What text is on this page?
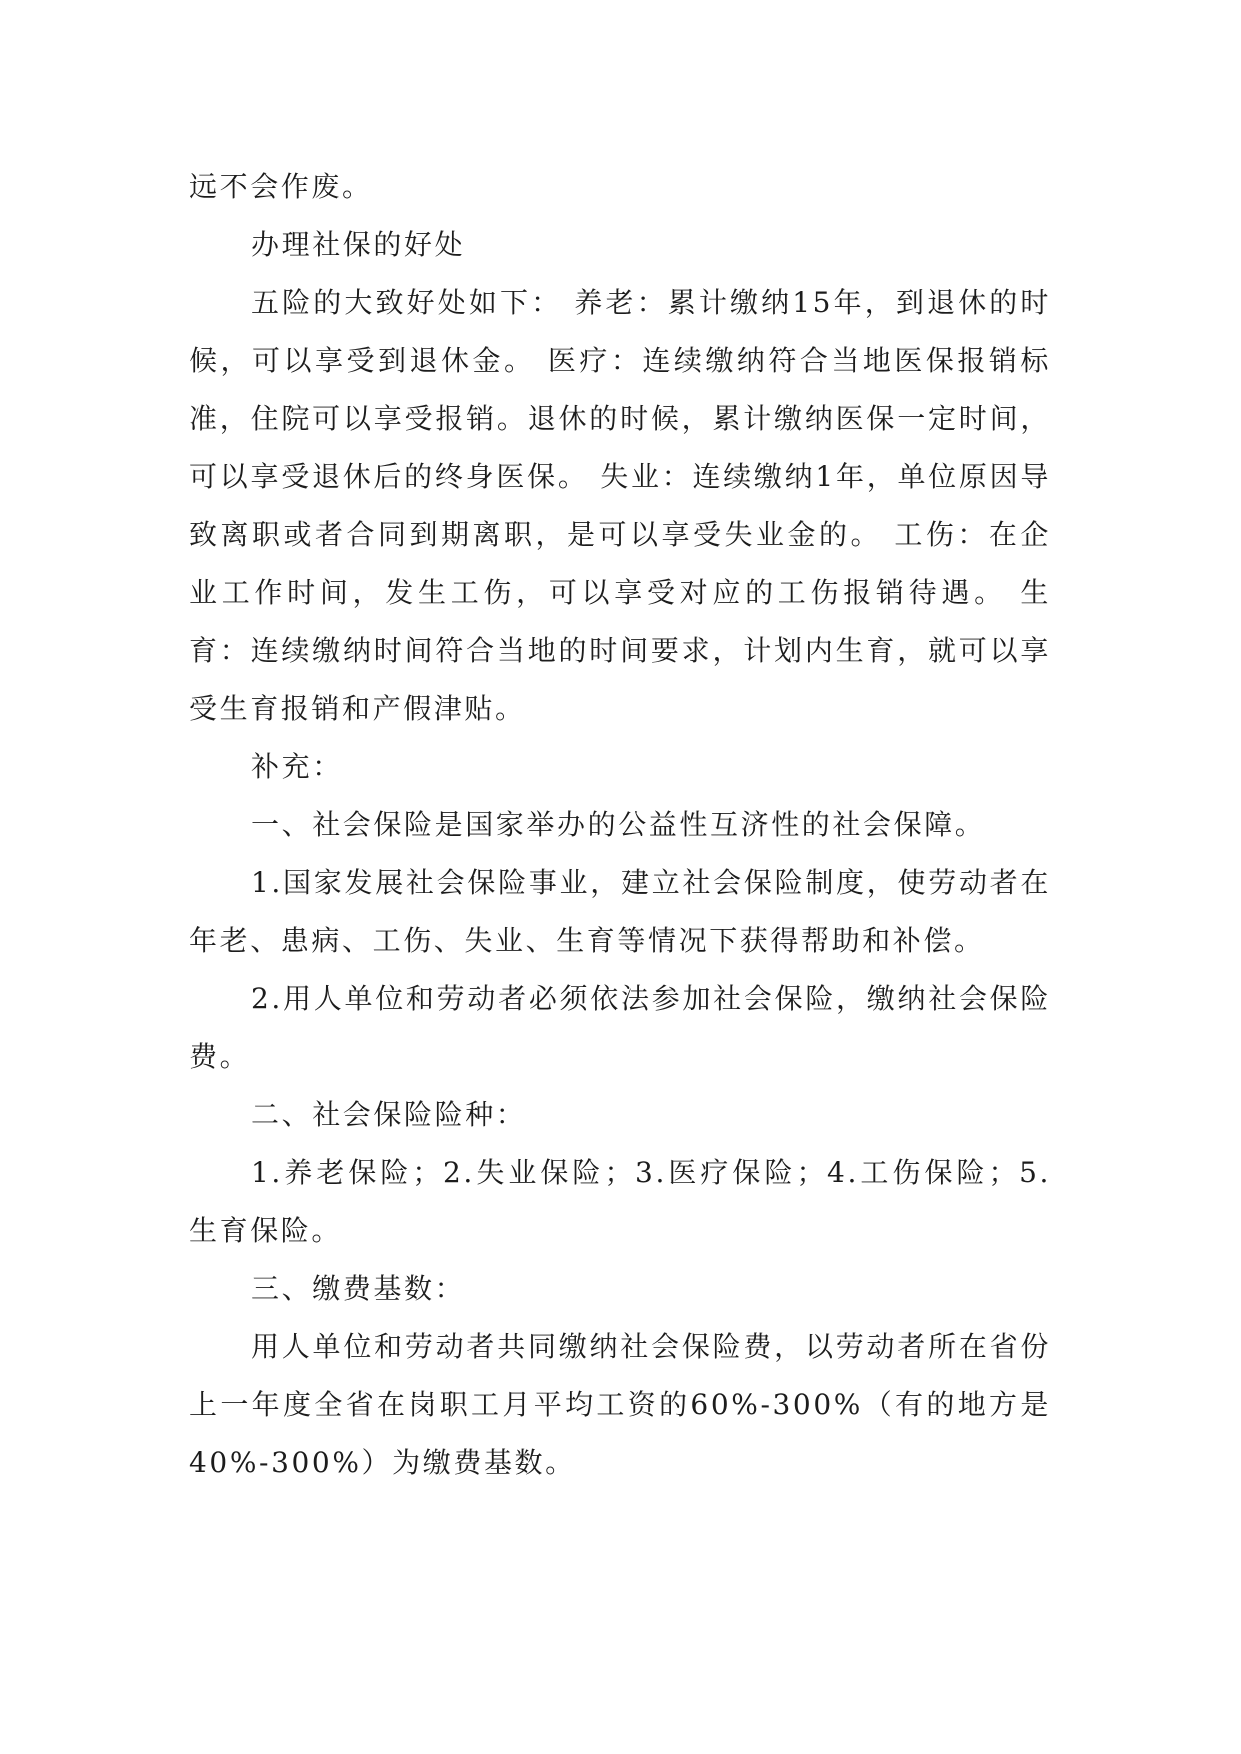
远不会作废。

办理社保的好处

五险的大致好处如下： 养老：累计缴纳15年，到退休的时候，可以享受到退休金。 医疗：连续缴纳符合当地医保报销标准，住院可以享受报销。退休的时候，累计缴纳医保一定时间，可以享受退休后的终身医保。 失业：连续缴纳1年，单位原因导致离职或者合同到期离职，是可以享受失业金的。 工伤：在企业工作时间，发生工伤，可以享受对应的工伤报销待遇。 生育：连续缴纳时间符合当地的时间要求，计划内生育，就可以享受生育报销和产假津贴。

补充：

一、社会保险是国家举办的公益性互济性的社会保障。

1.国家发展社会保险事业，建立社会保险制度，使劳动者在年老、患病、工伤、失业、生育等情况下获得帮助和补偿。

2.用人单位和劳动者必须依法参加社会保险，缴纳社会保险费。

二、社会保险险种：

1.养老保险；2.失业保险；3.医疗保险；4.工伤保险；5.生育保险。

三、缴费基数：

用人单位和劳动者共同缴纳社会保险费，以劳动者所在省份上一年度全省在岗职工月平均工资的60%-300%（有的地方是40%-300%）为缴费基数。
